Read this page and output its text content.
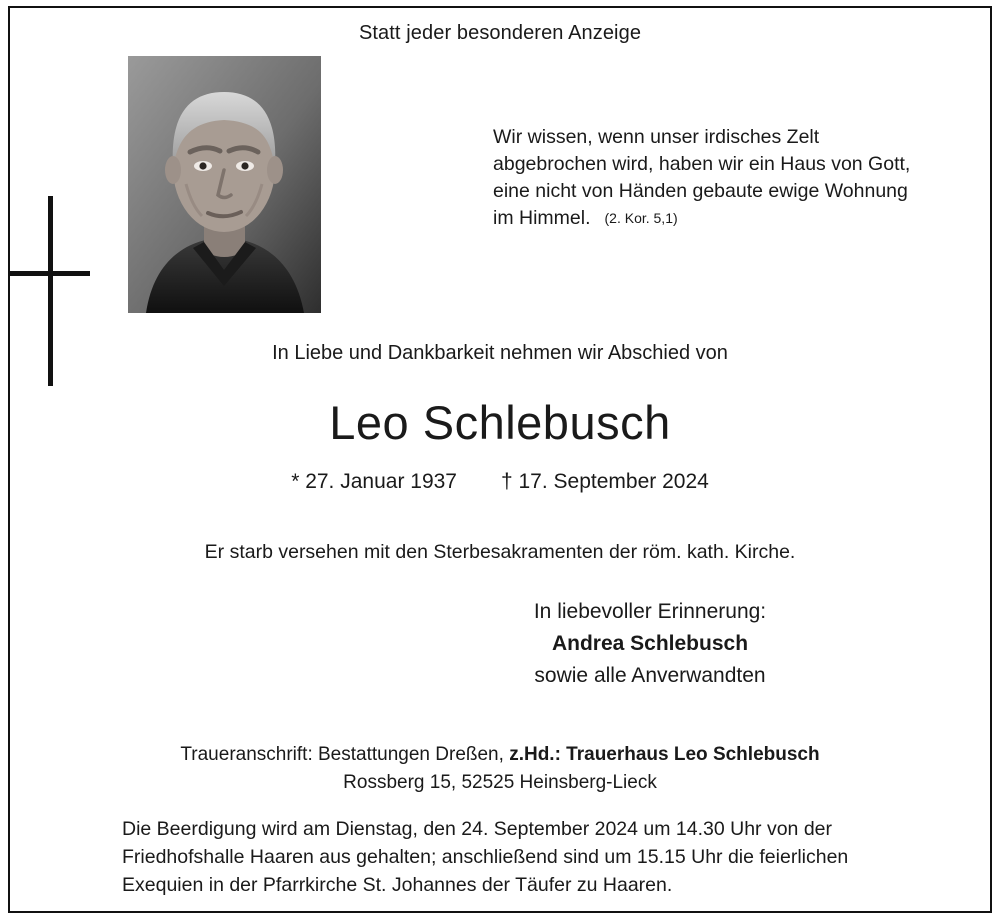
Statt jeder besonderen Anzeige
Wir wissen, wenn unser irdisches Zelt
abgebrochen wird, haben wir ein Haus von Gott,
eine nicht von Händen gebaute ewige Wohnung
im Himmel. (2. Kor. 5,1)
In Liebe und Dankbarkeit nehmen wir Abschied von
Leo Schlebusch
* 27. Januar 1937 † 17. September 2024
Er starb versehen mit den Sterbesakramenten der röm. kath. Kirche.
In liebevoller Erinnerung:
Andrea Schlebusch
sowie alle Anverwandten
Traueranschrift: Bestattungen Dreßen, z.Hd.: Trauerhaus Leo Schlebusch
Rossberg 15, 52525 Heinsberg-Lieck
Die Beerdigung wird am Dienstag, den 24. September 2024 um 14.30 Uhr von der
Friedhofshalle Haaren aus gehalten; anschließend sind um 15.15 Uhr die feierlichen
Exequien in der Pfarrkirche St. Johannes der Täufer zu Haaren.
